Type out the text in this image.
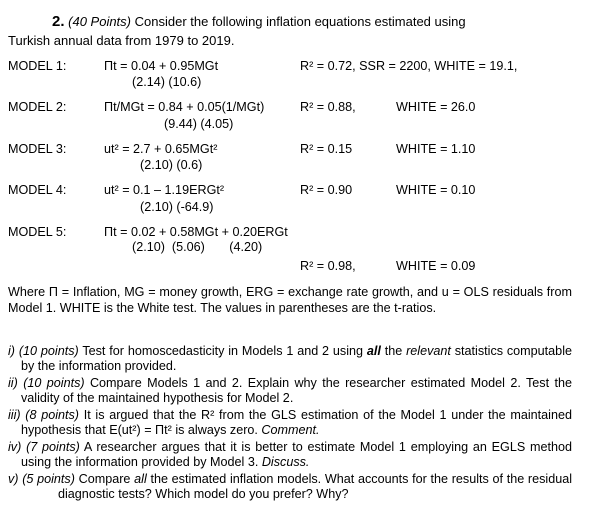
2. (40 Points) Consider the following inflation equations estimated using
Turkish annual data from 1979 to 2019.
MODEL 1:	Πt = 0.04 + 0.95MGt	R² = 0.72, SSR = 2200, WHITE = 19.1,
(2.14) (10.6)
MODEL 2:	Πt/MGt = 0.84 + 0.05(1/MGt)	R² = 0.88,	WHITE = 26.0
(9.44) (4.05)
MODEL 3:	ut² = 2.7 + 0.65MGt²	R² = 0.15	WHITE = 1.10
(2.10) (0.6)
MODEL 4:	ut² = 0.1 – 1.19ERGt²	R² = 0.90	WHITE = 0.10
(2.10) (-64.9)
MODEL 5:	Πt = 0.02 + 0.58MGt + 0.20ERGt
(2.10)  (5.06)       (4.20)
R² = 0.98,	WHITE = 0.09
Where Π = Inflation, MG = money growth, ERG = exchange rate growth, and u = OLS residuals from Model 1. WHITE is the White test. The values in parentheses are the t-ratios.
i) (10 points) Test for homoscedasticity in Models 1 and 2 using all the relevant statistics computable by the information provided.
ii) (10 points) Compare Models 1 and 2. Explain why the researcher estimated Model 2. Test the validity of the maintained hypothesis for Model 2.
iii) (8 points) It is argued that the R² from the GLS estimation of the Model 1 under the maintained hypothesis that E(ut²) = Πt² is always zero. Comment.
iv) (7 points) A researcher argues that it is better to estimate Model 1 employing an EGLS method using the information provided by Model 3. Discuss.
v) (5 points) Compare all the estimated inflation models. What accounts for the results of the residual diagnostic tests? Which model do you prefer? Why?
